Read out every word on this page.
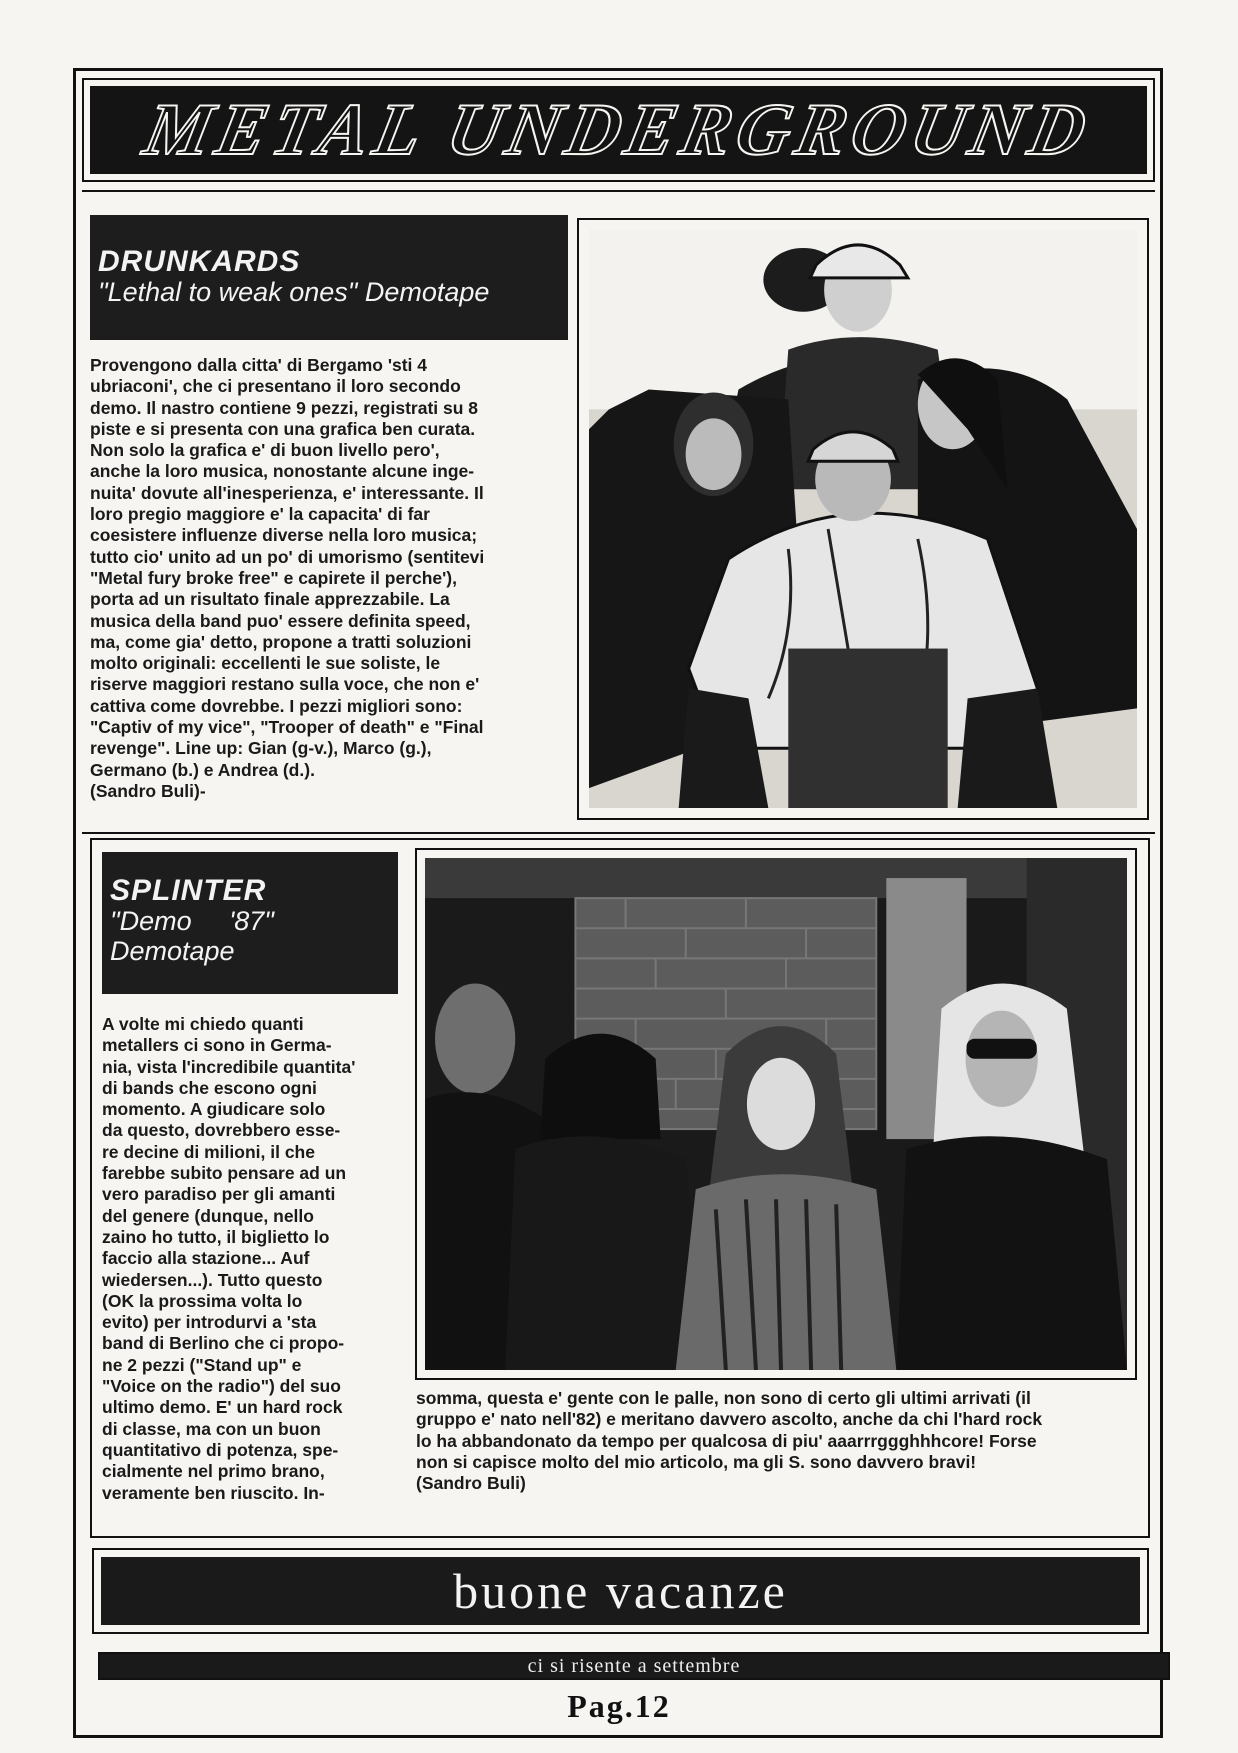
METAL UNDERGROUND
DRUNKARDS
"Lethal to weak ones" Demotape
Provengono dalla citta' di Bergamo 'sti 4
ubriaconi', che ci presentano il loro secondo
demo. Il nastro contiene 9 pezzi, registrati su 8
piste e si presenta con una grafica ben curata.
Non solo la grafica e' di buon livello pero',
anche la loro musica, nonostante alcune inge-
nuita' dovute all'inesperienza, e' interessante. Il
loro pregio maggiore e' la capacita' di far
coesistere influenze diverse nella loro musica;
tutto cio' unito ad un po' di umorismo (sentitevi
"Metal fury broke free" e capirete il perche'),
porta ad un risultato finale apprezzabile. La
musica della band puo' essere definita speed,
ma, come gia' detto, propone a tratti soluzioni
molto originali: eccellenti le sue soliste, le
riserve maggiori restano sulla voce, che non e'
cattiva come dovrebbe. I pezzi migliori sono:
"Captiv of my vice", "Trooper of death" e "Final
revenge". Line up: Gian (g-v.), Marco (g.),
Germano (b.) e Andrea (d.).
(Sandro Buli)-
SPLINTER
"Demo     '87"
Demotape
A volte mi chiedo quanti
metallers ci sono in Germa-
nia, vista l'incredibile quantita'
di bands che escono ogni
momento. A giudicare solo
da questo, dovrebbero esse-
re decine di milioni, il che
farebbe subito pensare ad un
vero paradiso per gli amanti
del genere (dunque, nello
zaino ho tutto, il biglietto lo
faccio alla stazione... Auf
wiedersen...). Tutto questo
(OK la prossima volta lo
evito) per introdurvi a 'sta
band di Berlino che ci propo-
ne 2 pezzi ("Stand up" e
"Voice on the radio") del suo
ultimo demo. E' un hard rock
di classe, ma con un buon
quantitativo di potenza, spe-
cialmente nel primo brano,
veramente ben riuscito. In-
somma, questa e' gente con le palle, non sono di certo gli ultimi arrivati (il
gruppo e' nato nell'82) e meritano davvero ascolto, anche da chi l'hard rock
lo ha abbandonato da tempo per qualcosa di piu' aaarrrggghhhcore! Forse
non si capisce molto del mio articolo, ma gli S. sono davvero bravi!
(Sandro Buli)
buone vacanze
ci si risente a settembre
Pag.12
